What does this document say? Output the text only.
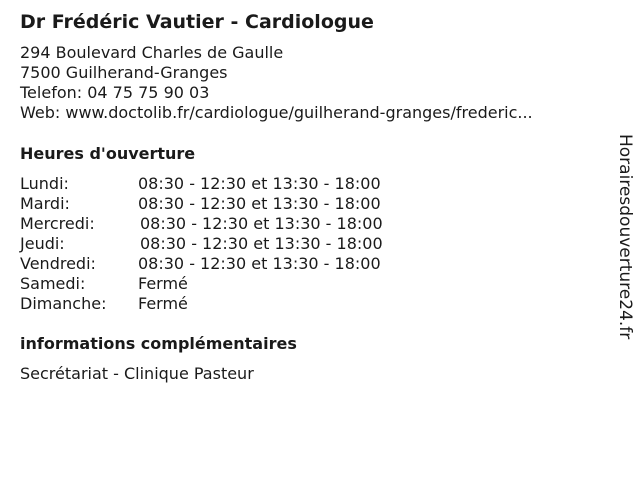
Dr Frédéric Vautier - Cardiologue
294 Boulevard Charles de Gaulle
7500 Guilherand-Granges
Telefon: 04 75 75 90 03
Web: www.doctolib.fr/cardiologue/guilherand-granges/frederic...
Heures d'ouverture
Lundi:	08:30 - 12:30 et 13:30 - 18:00
Mardi:	08:30 - 12:30 et 13:30 - 18:00
Mercredi:	08:30 - 12:30 et 13:30 - 18:00
Jeudi:	08:30 - 12:30 et 13:30 - 18:00
Vendredi:	08:30 - 12:30 et 13:30 - 18:00
Samedi:	Fermé
Dimanche: Fermé
informations complémentaires
Secrétariat - Clinique Pasteur
Horairesdouverture24.fr
